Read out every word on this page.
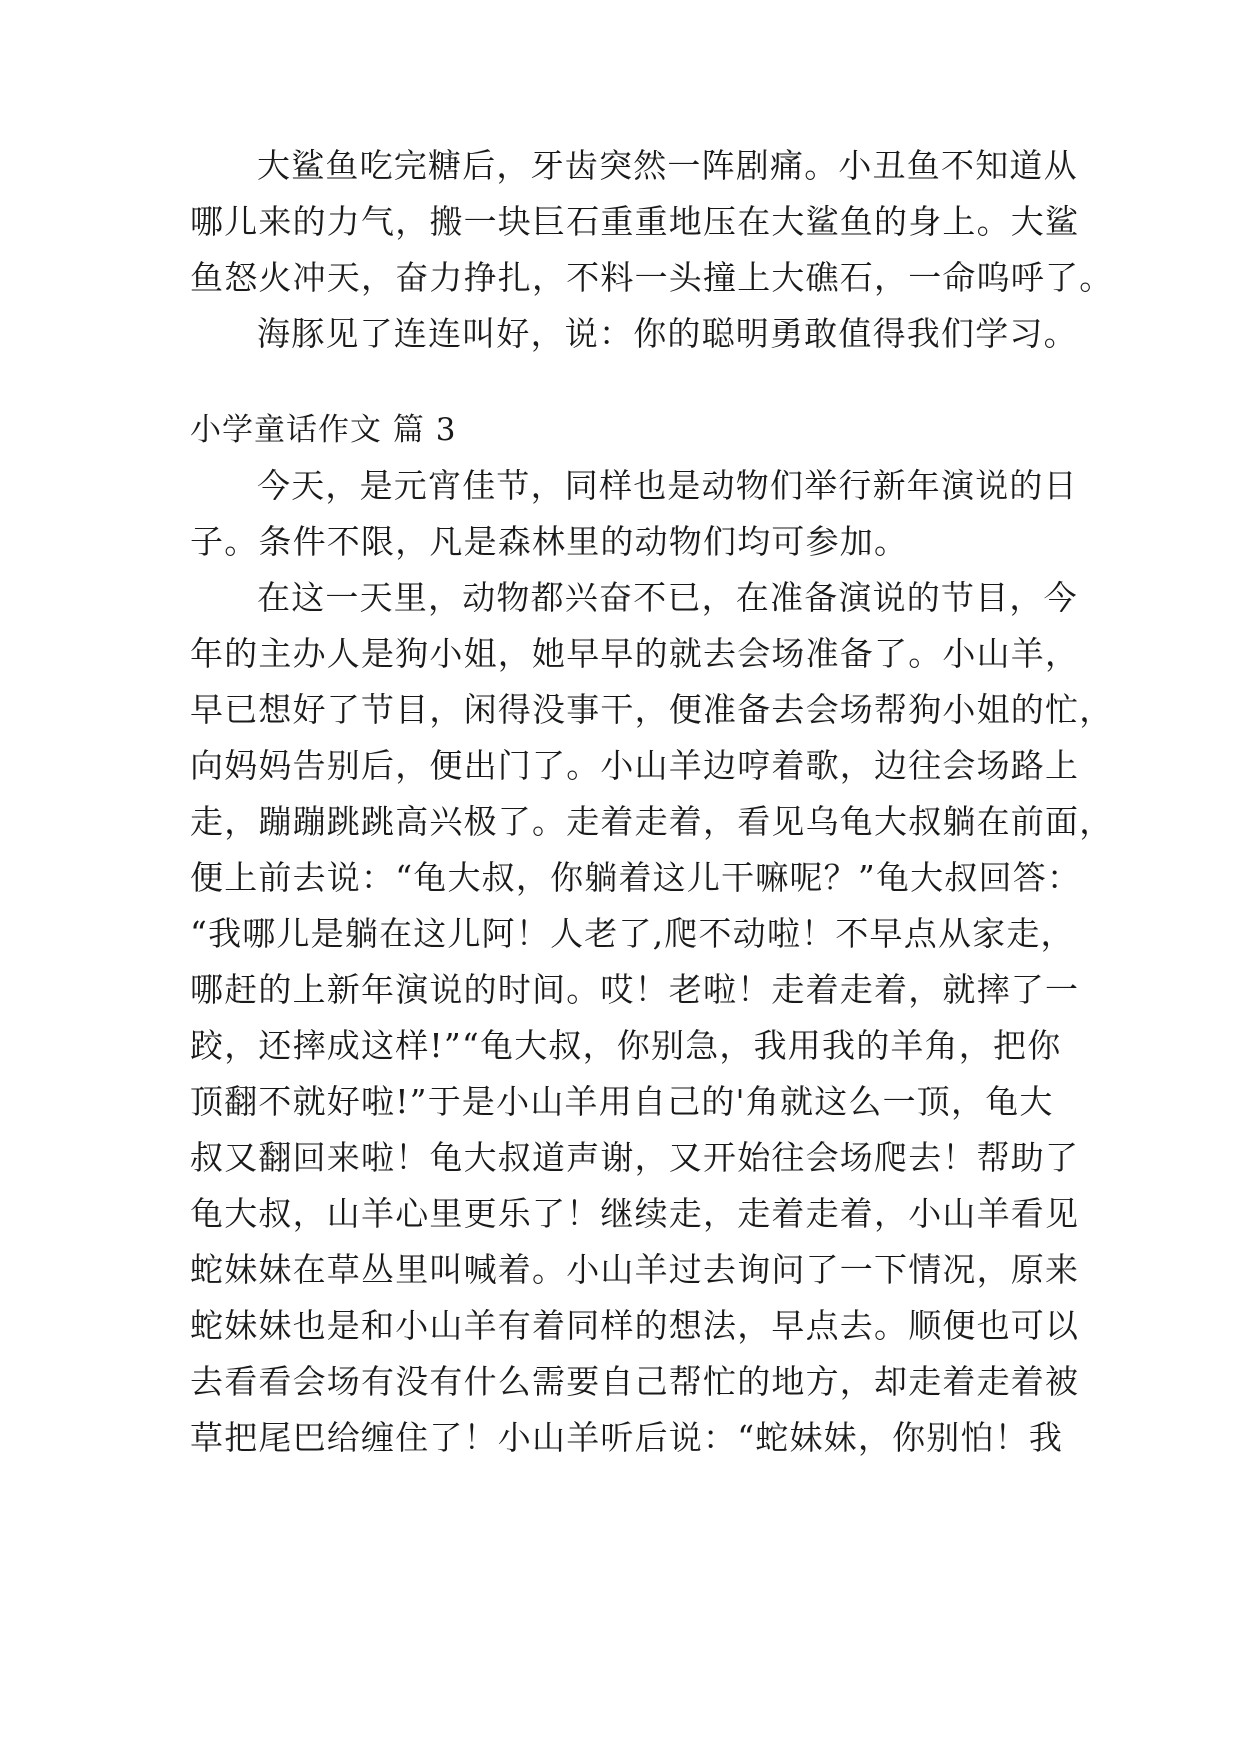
大鲨鱼吃完糖后，牙齿突然一阵剧痛。小丑鱼不知道从
哪儿来的力气，搬一块巨石重重地压在大鲨鱼的身上。大鲨
鱼怒火冲天，奋力挣扎，不料一头撞上大礁石，一命呜呼了。
海豚见了连连叫好，说：你的聪明勇敢值得我们学习。
小学童话作文 篇 3
今天，是元宵佳节，同样也是动物们举行新年演说的日
子。条件不限，凡是森林里的动物们均可参加。
在这一天里，动物都兴奋不已，在准备演说的节目，今
年的主办人是狗小姐，她早早的就去会场准备了。小山羊，
早已想好了节目，闲得没事干，便准备去会场帮狗小姐的忙，
向妈妈告别后，便出门了。小山羊边哼着歌，边往会场路上
走，蹦蹦跳跳高兴极了。走着走着，看见乌龟大叔躺在前面，
便上前去说：“龟大叔，你躺着这儿干嘛呢？”龟大叔回答：
“我哪儿是躺在这儿阿！人老了,爬不动啦！不早点从家走，
哪赶的上新年演说的时间。哎！老啦！走着走着，就摔了一
跤，还摔成这样!”“龟大叔，你别急，我用我的羊角，把你
顶翻不就好啦!”于是小山羊用自己的'角就这么一顶，龟大
叔又翻回来啦！龟大叔道声谢，又开始往会场爬去！帮助了
龟大叔，山羊心里更乐了！继续走，走着走着，小山羊看见
蛇妹妹在草丛里叫喊着。小山羊过去询问了一下情况，原来
蛇妹妹也是和小山羊有着同样的想法，早点去。顺便也可以
去看看会场有没有什么需要自己帮忙的地方，却走着走着被
草把尾巴给缠住了！小山羊听后说：“蛇妹妹，你别怕！我
